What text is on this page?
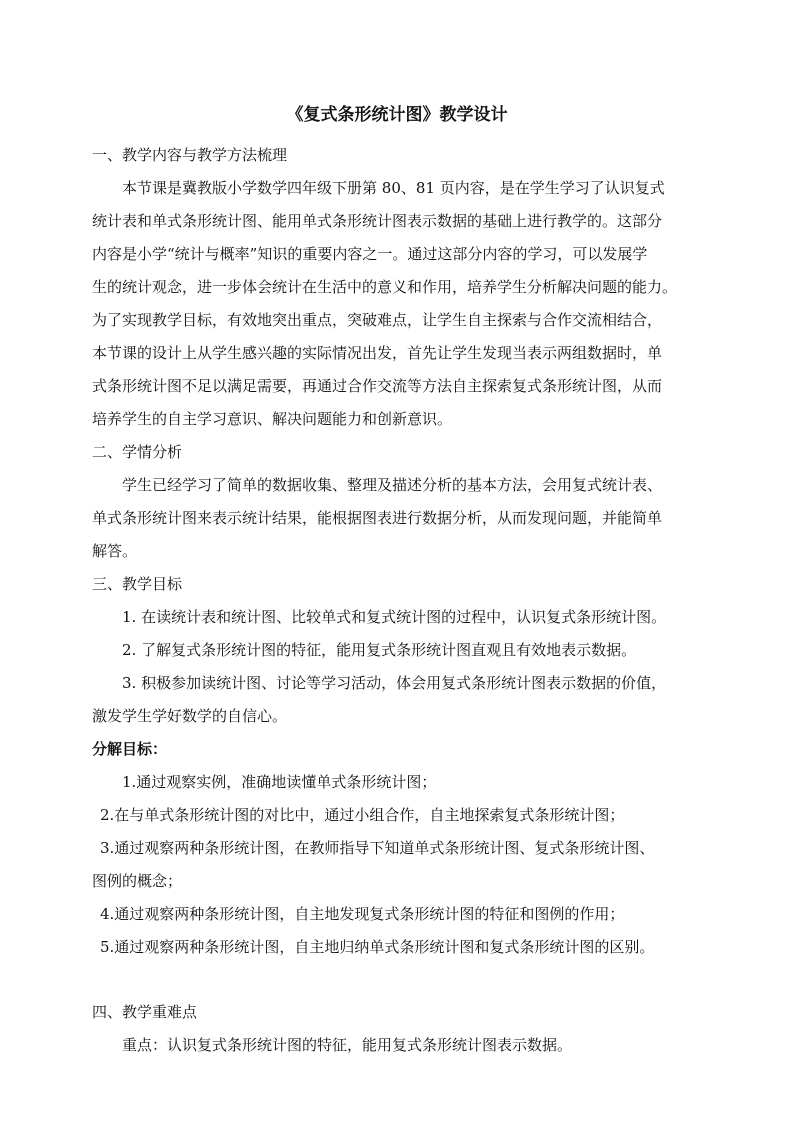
《复式条形统计图》教学设计

一、教学内容与教学方法梳理

本节课是冀教版小学数学四年级下册第 80、81 页内容，是在学生学习了认识复式

统计表和单式条形统计图、能用单式条形统计图表示数据的基础上进行教学的。这部分

内容是小学“统计与概率”知识的重要内容之一。通过这部分内容的学习，可以发展学

生的统计观念，进一步体会统计在生活中的意义和作用，培养学生分析解决问题的能力。

为了实现教学目标，有效地突出重点，突破难点，让学生自主探索与合作交流相结合，

本节课的设计上从学生感兴趣的实际情况出发，首先让学生发现当表示两组数据时，单

式条形统计图不足以满足需要，再通过合作交流等方法自主探索复式条形统计图，从而

培养学生的自主学习意识、解决问题能力和创新意识。

二、学情分析

学生已经学习了简单的数据收集、整理及描述分析的基本方法，会用复式统计表、

单式条形统计图来表示统计结果，能根据图表进行数据分析，从而发现问题，并能简单

解答。

三、教学目标

1. 在读统计表和统计图、比较单式和复式统计图的过程中，认识复式条形统计图。

2. 了解复式条形统计图的特征，能用复式条形统计图直观且有效地表示数据。

3. 积极参加读统计图、讨论等学习活动，体会用复式条形统计图表示数据的价值，

激发学生学好数学的自信心。

分解目标：

1.通过观察实例，准确地读懂单式条形统计图；

2.在与单式条形统计图的对比中，通过小组合作，自主地探索复式条形统计图；

3.通过观察两种条形统计图，在教师指导下知道单式条形统计图、复式条形统计图、

图例的概念；

4.通过观察两种条形统计图，自主地发现复式条形统计图的特征和图例的作用；

5.通过观察两种条形统计图，自主地归纳单式条形统计图和复式条形统计图的区别。

四、教学重难点

重点：认识复式条形统计图的特征，能用复式条形统计图表示数据。
